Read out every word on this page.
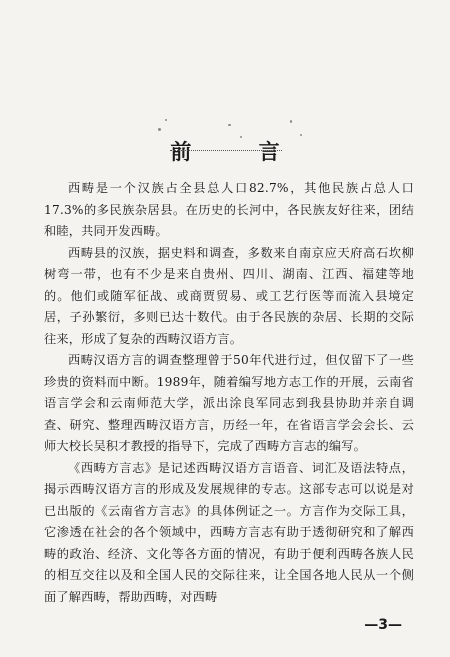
前 言

西畴是一个汉族占全县总人口82.7%，其他民族占总人口17.3%的多民族杂居县。在历史的长河中，各民族友好往来，团结和睦，共同开发西畴。

西畴县的汉族，据史料和调查，多数来自南京应天府高石坎柳树弯一带，也有不少是来自贵州、四川、湖南、江西、福建等地的。他们或随军征战、或商贾贸易、或工艺行医等而流入县境定居，子孙繁衍，多则已达十数代。由于各民族的杂居、长期的交际往来，形成了复杂的西畴汉语方言。

西畴汉语方言的调查整理曾于50年代进行过，但仅留下了一些珍贵的资料而中断。1989年，随着编写地方志工作的开展，云南省语言学会和云南师范大学，派出涂良军同志到我县协助并亲自调查、研究、整理西畴汉语方言，历经一年，在省语言学会会长、云师大校长吴积才教授的指导下，完成了西畴方言志的编写。

《西畴方言志》是记述西畴汉语方言语音、词汇及语法特点，揭示西畴汉语方言的形成及发展规律的专志。这部专志可以说是对已出版的《云南省方言志》的具体例证之一。方言作为交际工具，它渗透在社会的各个领域中，西畴方言志有助于透彻研究和了解西畴的政治、经济、文化等各方面的情况，有助于便利西畴各族人民的相互交往以及和全国人民的交际往来，让全国各地人民从一个侧面了解西畴，帮助西畴，对西畴

—3—
